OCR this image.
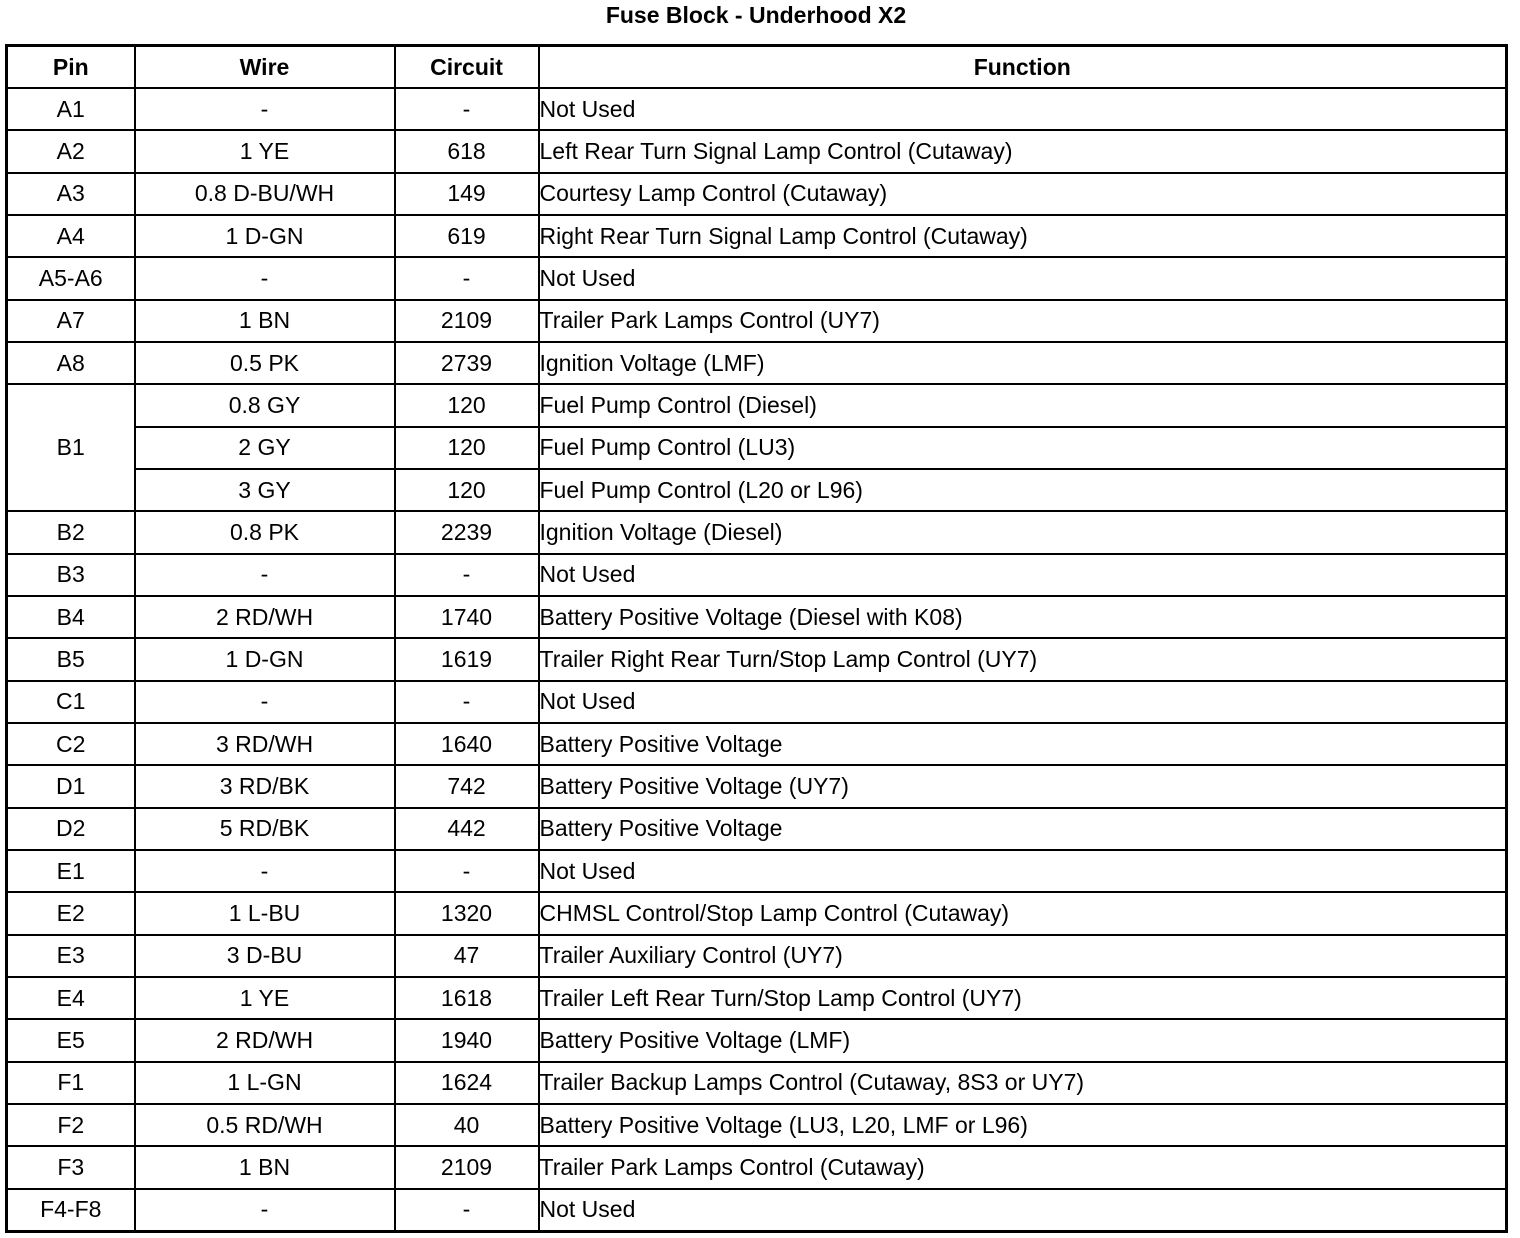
Fuse Block - Underhood X2
Pin	Wire	Circuit	Function
A1	-	-	Not Used
A2	1 YE	618	Left Rear Turn Signal Lamp Control (Cutaway)
A3	0.8 D-BU/WH	149	Courtesy Lamp Control (Cutaway)
A4	1 D-GN	619	Right Rear Turn Signal Lamp Control (Cutaway)
A5-A6	-	-	Not Used
A7	1 BN	2109	Trailer Park Lamps Control (UY7)
A8	0.5 PK	2739	Ignition Voltage (LMF)
B1	0.8 GY	120	Fuel Pump Control (Diesel)
	2 GY	120	Fuel Pump Control (LU3)
	3 GY	120	Fuel Pump Control (L20 or L96)
B2	0.8 PK	2239	Ignition Voltage (Diesel)
B3	-	-	Not Used
B4	2 RD/WH	1740	Battery Positive Voltage (Diesel with K08)
B5	1 D-GN	1619	Trailer Right Rear Turn/Stop Lamp Control (UY7)
C1	-	-	Not Used
C2	3 RD/WH	1640	Battery Positive Voltage
D1	3 RD/BK	742	Battery Positive Voltage (UY7)
D2	5 RD/BK	442	Battery Positive Voltage
E1	-	-	Not Used
E2	1 L-BU	1320	CHMSL Control/Stop Lamp Control (Cutaway)
E3	3 D-BU	47	Trailer Auxiliary Control (UY7)
E4	1 YE	1618	Trailer Left Rear Turn/Stop Lamp Control (UY7)
E5	2 RD/WH	1940	Battery Positive Voltage (LMF)
F1	1 L-GN	1624	Trailer Backup Lamps Control (Cutaway, 8S3 or UY7)
F2	0.5 RD/WH	40	Battery Positive Voltage (LU3, L20, LMF or L96)
F3	1 BN	2109	Trailer Park Lamps Control (Cutaway)
F4-F8	-	-	Not Used
